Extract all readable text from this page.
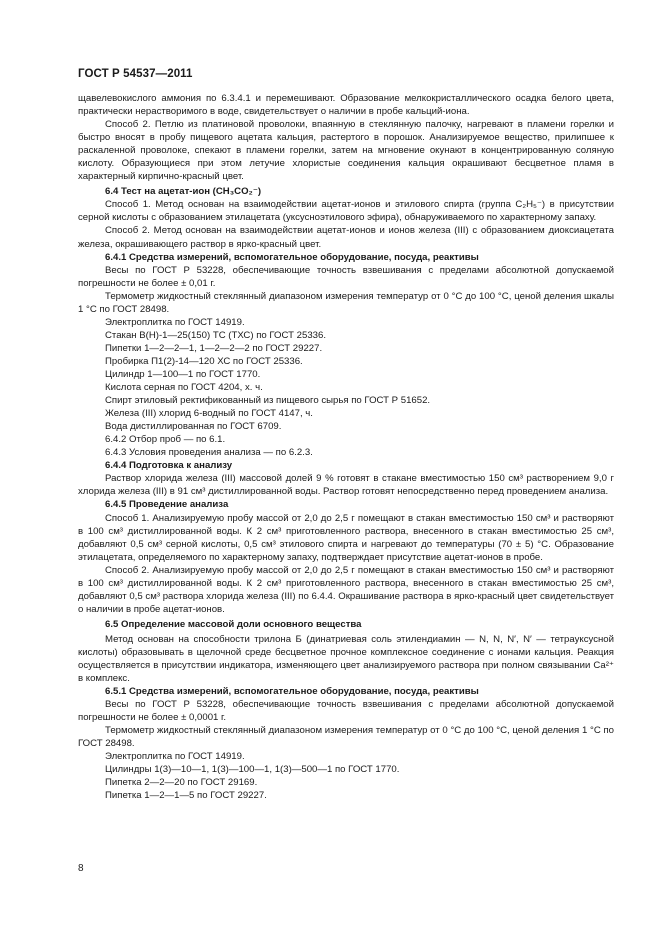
ГОСТ Р 54537—2011

щавелевокислого аммония по 6.3.4.1 и перемешивают. Образование мелкокристаллического осадка белого цвета, практически нерастворимого в воде, свидетельствует о наличии в пробе кальций-иона.

Способ 2. Петлю из платиновой проволоки, впаянную в стеклянную палочку, нагревают в пламени горелки и быстро вносят в пробу пищевого ацетата кальция, растертого в порошок. Анализируемое вещество, прилипшее к раскаленной проволоке, спекают в пламени горелки, затем на мгновение окунают в концентрированную соляную кислоту. Образующиеся при этом летучие хлористые соединения кальция окрашивают бесцветное пламя в характерный кирпично-красный цвет.

6.4 Тест на ацетат-ион (CH₃CO₂⁻)

Способ 1. Метод основан на взаимодействии ацетат-ионов и этилового спирта (группа C₂H₅⁻) в присутствии серной кислоты с образованием этилацетата (уксусноэтилового эфира), обнаруживаемого по характерному запаху.

Способ 2. Метод основан на взаимодействии ацетат-ионов и ионов железа (III) с образованием диоксиацетата железа, окрашивающего раствор в ярко-красный цвет.

6.4.1 Средства измерений, вспомогательное оборудование, посуда, реактивы

Весы по ГОСТ Р 53228, обеспечивающие точность взвешивания с пределами абсолютной допускаемой погрешности не более ± 0,01 г.

Термометр жидкостный стеклянный диапазоном измерения температур от 0 °С до 100 °С, ценой деления шкалы 1 °С по ГОСТ 28498.

Электроплитка по ГОСТ 14919.

Стакан В(Н)-1—25(150) ТС (ТХС) по ГОСТ 25336.

Пипетки 1—2—2—1, 1—2—2—2 по ГОСТ 29227.

Пробирка П1(2)-14—120 ХС по ГОСТ 25336.

Цилиндр 1—100—1 по ГОСТ 1770.

Кислота серная по ГОСТ 4204, х. ч.

Спирт этиловый ректификованный из пищевого сырья по ГОСТ Р 51652.

Железа (III) хлорид 6-водный по ГОСТ 4147, ч.

Вода дистиллированная по ГОСТ 6709.

6.4.2 Отбор проб — по 6.1.

6.4.3 Условия проведения анализа — по 6.2.3.

6.4.4 Подготовка к анализу

Раствор хлорида железа (III) массовой долей 9 % готовят в стакане вместимостью 150 см³ растворением 9,0 г хлорида железа (III) в 91 см³ дистиллированной воды. Раствор готовят непосредственно перед проведением анализа.

6.4.5 Проведение анализа

Способ 1. Анализируемую пробу массой от 2,0 до 2,5 г помещают в стакан вместимостью 150 см³ и растворяют в 100 см³ дистиллированной воды. К 2 см³ приготовленного раствора, внесенного в стакан вместимостью 25 см³, добавляют 0,5 см³ серной кислоты, 0,5 см³ этилового спирта и нагревают до температуры (70 ± 5) °С. Образование этилацетата, определяемого по характерному запаху, подтверждает присутствие ацетат-ионов в пробе.

Способ 2. Анализируемую пробу массой от 2,0 до 2,5 г помещают в стакан вместимостью 150 см³ и растворяют в 100 см³ дистиллированной воды. К 2 см³ приготовленного раствора, внесенного в стакан вместимостью 25 см³, добавляют 0,5 см³ раствора хлорида железа (III) по 6.4.4. Окрашивание раствора в ярко-красный цвет свидетельствует о наличии в пробе ацетат-ионов.

6.5 Определение массовой доли основного вещества

Метод основан на способности трилона Б (динатриевая соль этилендиамин — N, N, N′, N′ — тетрауксусной кислоты) образовывать в щелочной среде бесцветное прочное комплексное соединение с ионами кальция. Реакция осуществляется в присутствии индикатора, изменяющего цвет анализируемого раствора при полном связывании Са²⁺ в комплекс.

6.5.1 Средства измерений, вспомогательное оборудование, посуда, реактивы

Весы по ГОСТ Р 53228, обеспечивающие точность взвешивания с пределами абсолютной допускаемой погрешности не более ± 0,0001 г.

Термометр жидкостный стеклянный диапазоном измерения температур от 0 °С до 100 °С, ценой деления 1 °С по ГОСТ 28498.

Электроплитка по ГОСТ 14919.

Цилиндры 1(3)—10—1, 1(3)—100—1, 1(3)—500—1 по ГОСТ 1770.

Пипетка 2—2—20 по ГОСТ 29169.

Пипетка 1—2—1—5 по ГОСТ 29227.

8
